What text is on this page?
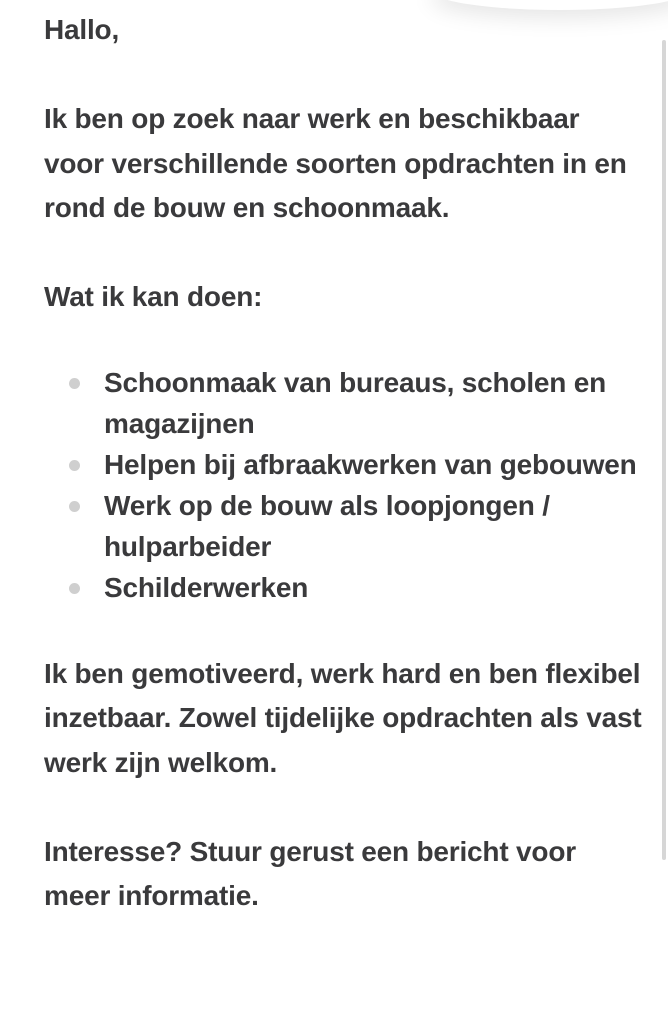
Hallo,

Ik ben op zoek naar werk en beschikbaar voor verschillende soorten opdrachten in en rond de bouw en schoonmaak.

Wat ik kan doen:

Schoonmaak van bureaus, scholen en magazijnen
Helpen bij afbraakwerken van gebouwen
Werk op de bouw als loopjongen / hulparbeider
Schilderwerken

Ik ben gemotiveerd, werk hard en ben flexibel inzetbaar. Zowel tijdelijke opdrachten als vast werk zijn welkom.

Interesse? Stuur gerust een bericht voor meer informatie.
